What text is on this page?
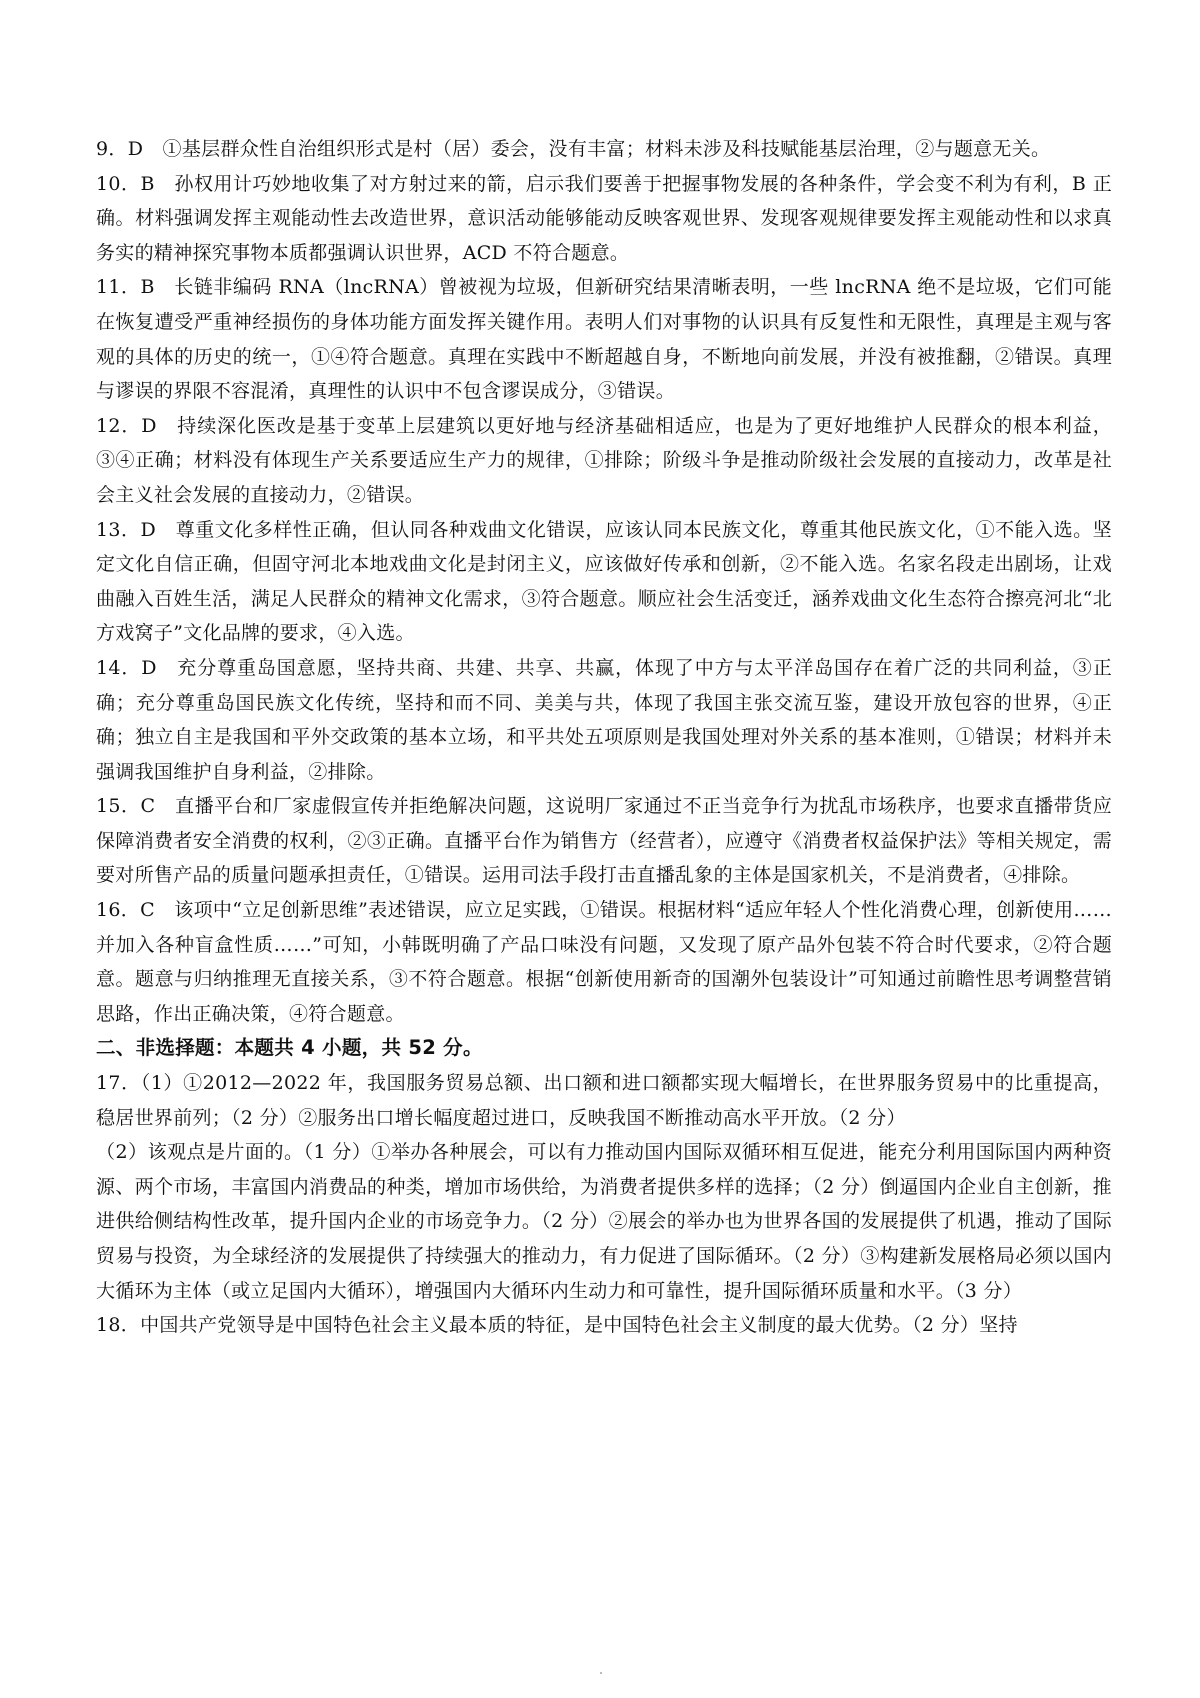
9．D　①基层群众性自治组织形式是村（居）委会，没有丰富；材料未涉及科技赋能基层治理，②与题意无关。

10．B　孙权用计巧妙地收集了对方射过来的箭，启示我们要善于把握事物发展的各种条件，学会变不利为有利，B 正确。材料强调发挥主观能动性去改造世界，意识活动能够能动反映客观世界、发现客观规律要发挥主观能动性和以求真务实的精神探究事物本质都强调认识世界，ACD 不符合题意。

11．B　长链非编码 RNA（lncRNA）曾被视为垃圾，但新研究结果清晰表明，一些 lncRNA 绝不是垃圾，它们可能在恢复遭受严重神经损伤的身体功能方面发挥关键作用。表明人们对事物的认识具有反复性和无限性，真理是主观与客观的具体的历史的统一，①④符合题意。真理在实践中不断超越自身，不断地向前发展，并没有被推翻，②错误。真理与谬误的界限不容混淆，真理性的认识中不包含谬误成分，③错误。

12．D　持续深化医改是基于变革上层建筑以更好地与经济基础相适应，也是为了更好地维护人民群众的根本利益，③④正确；材料没有体现生产关系要适应生产力的规律，①排除；阶级斗争是推动阶级社会发展的直接动力，改革是社会主义社会发展的直接动力，②错误。

13．D　尊重文化多样性正确，但认同各种戏曲文化错误，应该认同本民族文化，尊重其他民族文化，①不能入选。坚定文化自信正确，但固守河北本地戏曲文化是封闭主义，应该做好传承和创新，②不能入选。名家名段走出剧场，让戏曲融入百姓生活，满足人民群众的精神文化需求，③符合题意。顺应社会生活变迁，涵养戏曲文化生态符合擦亮河北“北方戏窝子”文化品牌的要求，④入选。

14．D　充分尊重岛国意愿，坚持共商、共建、共享、共赢，体现了中方与太平洋岛国存在着广泛的共同利益，③正确；充分尊重岛国民族文化传统，坚持和而不同、美美与共，体现了我国主张交流互鉴，建设开放包容的世界，④正确；独立自主是我国和平外交政策的基本立场，和平共处五项原则是我国处理对外关系的基本准则，①错误；材料并未强调我国维护自身利益，②排除。

15．C　直播平台和厂家虚假宣传并拒绝解决问题，这说明厂家通过不正当竞争行为扰乱市场秩序，也要求直播带货应保障消费者安全消费的权利，②③正确。直播平台作为销售方（经营者），应遵守《消费者权益保护法》等相关规定，需要对所售产品的质量问题承担责任，①错误。运用司法手段打击直播乱象的主体是国家机关，不是消费者，④排除。

16．C　该项中“立足创新思维”表述错误，应立足实践，①错误。根据材料“适应年轻人个性化消费心理，创新使用……并加入各种盲盒性质……”可知，小韩既明确了产品口味没有问题，又发现了原产品外包装不符合时代要求，②符合题意。题意与归纳推理无直接关系，③不符合题意。根据“创新使用新奇的国潮外包装设计”可知通过前瞻性思考调整营销思路，作出正确决策，④符合题意。

二、非选择题：本题共 4 小题，共 52 分。

17．（1）①2012—2022 年，我国服务贸易总额、出口额和进口额都实现大幅增长，在世界服务贸易中的比重提高，稳居世界前列；（2 分）②服务出口增长幅度超过进口，反映我国不断推动高水平开放。（2 分）

（2）该观点是片面的。（1 分）①举办各种展会，可以有力推动国内国际双循环相互促进，能充分利用国际国内两种资源、两个市场，丰富国内消费品的种类，增加市场供给，为消费者提供多样的选择；（2 分）倒逼国内企业自主创新，推进供给侧结构性改革，提升国内企业的市场竞争力。（2 分）②展会的举办也为世界各国的发展提供了机遇，推动了国际贸易与投资，为全球经济的发展提供了持续强大的推动力，有力促进了国际循环。（2 分）③构建新发展格局必须以国内大循环为主体（或立足国内大循环），增强国内大循环内生动力和可靠性，提升国际循环质量和水平。（3 分）

18．中国共产党领导是中国特色社会主义最本质的特征，是中国特色社会主义制度的最大优势。（2 分）坚持
